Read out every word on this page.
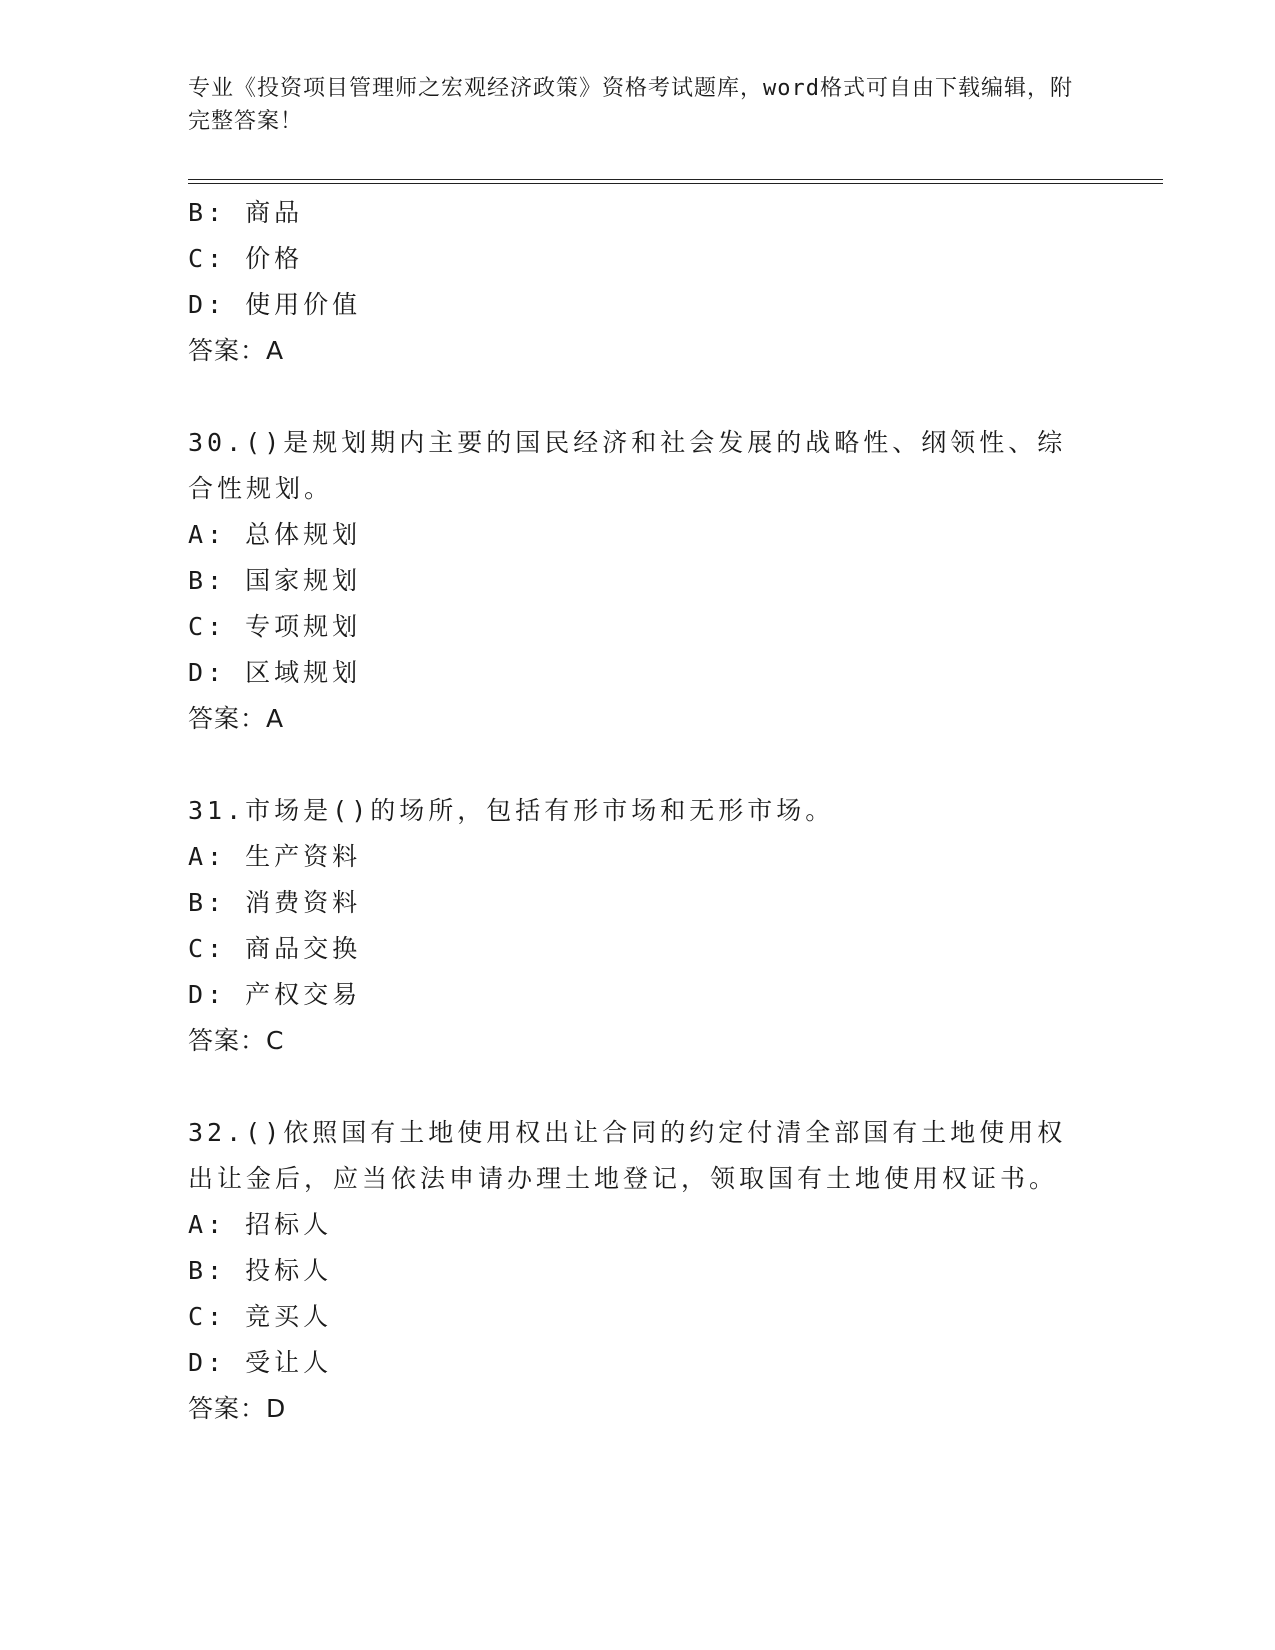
专业《投资项目管理师之宏观经济政策》资格考试题库，word格式可自由下载编辑，附完整答案！
B: 商品
C: 价格
D: 使用价值
答案：A
30.()是规划期内主要的国民经济和社会发展的战略性、纲领性、综合性规划。
A: 总体规划
B: 国家规划
C: 专项规划
D: 区域规划
答案：A
31.市场是()的场所，包括有形市场和无形市场。
A: 生产资料
B: 消费资料
C: 商品交换
D: 产权交易
答案：C
32.()依照国有土地使用权出让合同的约定付清全部国有土地使用权出让金后，应当依法申请办理土地登记，领取国有土地使用权证书。
A: 招标人
B: 投标人
C: 竞买人
D: 受让人
答案：D
